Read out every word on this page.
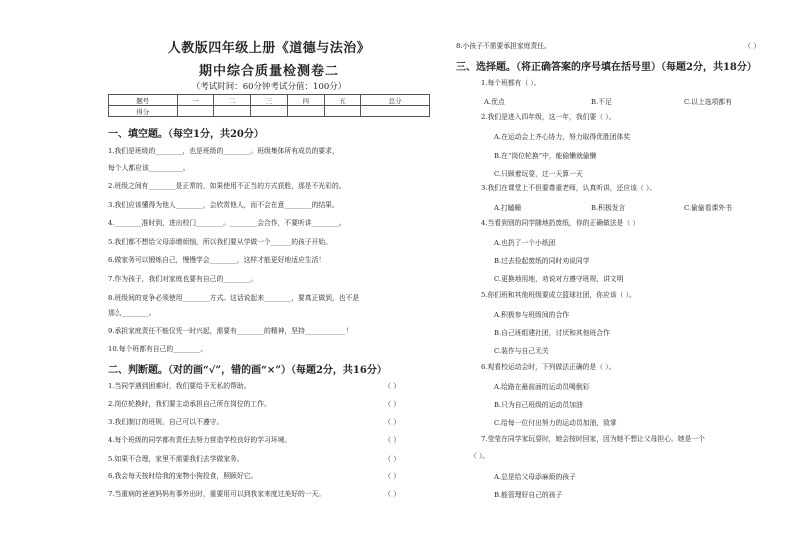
人教版四年级上册《道德与法治》
期中综合质量检测卷二
（考试时间：60分钟考试分值：100分）
题号	一	二	三	四	五	总分
得分						
一、填空题。（每空1分，共20分）
1.我们是班级的________，也是班级的________。班级集体所有成员的要求，
每个人都应该__________。
2.班级之间有________是正常的，如果使用不正当的方式获胜，那是不光彩的。
3.我们应该懂得为他人________，会欣赏他人，而不会在意________的结果。
4.________准时到，进出校门________。________会合作，不要听讲________。
5.我们都不想给父母添增烦恼，所以我们要从学做一个______的孩子开始。
6.做家务可以锻炼自己，慢慢学会________，这样才能更好地适应生活！
7.作为孩子，我们对家庭也要有自己的________。
8.班级间的竞争必须使用________方式。这话说起来________，要真正做到，也不是
那么________。
9.承担家庭责任不能仅凭一时兴起，需要有________的精神，坚持____________！
10.每个班都有自己的________。
二、判断题。（对的画“√”，错的画“×”）（每题2分，共16分）
1.当同学遇到困难时，我们要给予无私的帮助。	（ ）
2.岗位轮换时，我们要主动承担自己所在岗位的工作。	（ ）
3.我们制订的班规，自己可以不遵守。	（ ）
4.每个班级的同学都有责任去努力营造学校良好的学习环境。	（ ）
5.如果不合理，家里不需要我们去学做家务。	（ ）
6.我会每天按时给我的宠物小狗投食，照顾好它。	（ ）
7.当重病的爸爸妈妈有事外出时，重要用可以到我家来度过美好的一天。	（ ）
8.小孩子不需要承担家庭责任。	（ ）
三、选择题。（将正确答案的序号填在括号里）（每题2分，共18分）
1.每个班都有（ ）。
A.优点	B.不足	C.以上选项都有
2.我们是进入四年级，这一年，我们要（ ）。
A.在运动会上齐心协力，努力取得优胜团体奖
B.在“岗位轮换”中，能偷懒就偷懒
C.只顾着玩耍，过一天算一天
3.我们在课堂上不但要尊重老师，认真听讲，还应该（ ）。
A.打瞌睡	B.积极发言	C.偷偷看课外书
4.当看到别的同学随地扔废纸，你的正确做法是（ ）
A.也扔了一个小纸团
B.过去捡起废纸的同时劝说同学
C.更换地用地，劝说对方遵守班规，讲文明
5.你们班和其他班级要成立篮球社团，你应该（ ）。
A.积极参与班级间的合作
B.自己班组建社团，讨厌和其他班合作
C.装作与自己无关
6.观看校运动会时，下列做法正确的是（ ）。
A.给路在最前面的运动员喝倒彩
B.只为自己班级的运动员加油
C.给每一位付出努力的运动员加油，致掌
7.莹莹在同学家玩耍时，她会按时回家，因为她不想让父母担心。她是一个
（ ）。
A.总是给父母添麻烦的孩子
B.能管理好自己的孩子
